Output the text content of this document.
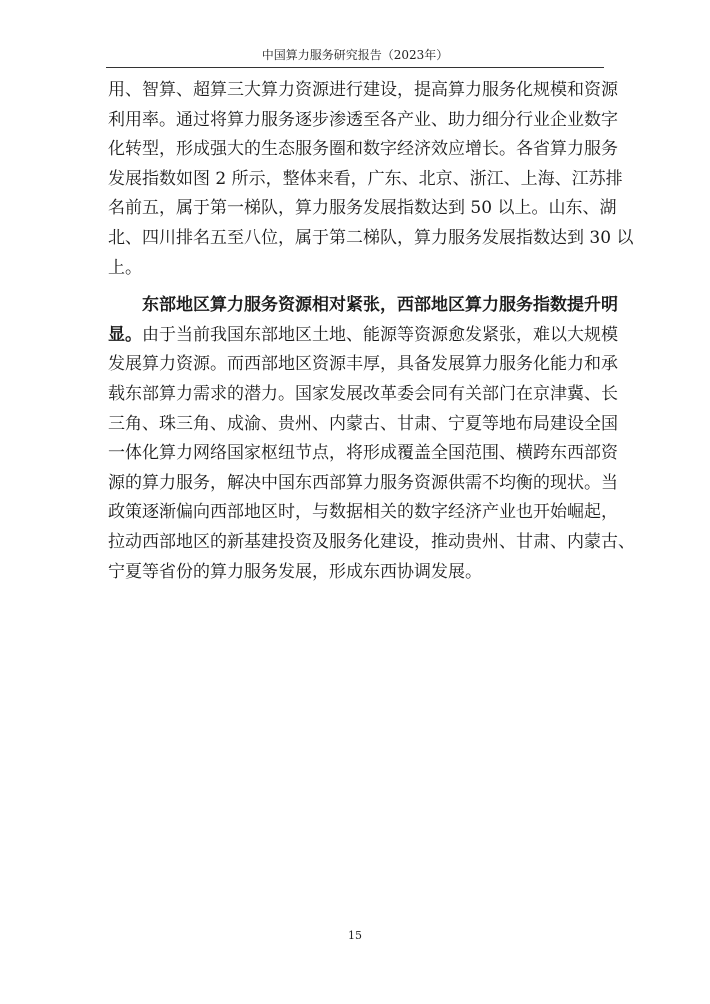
中国算力服务研究报告（2023年）
用、智算、超算三大算力资源进行建设，提高算力服务化规模和资源
利用率。通过将算力服务逐步渗透至各产业、助力细分行业企业数字
化转型，形成强大的生态服务圈和数字经济效应增长。各省算力服务
发展指数如图 2 所示，整体来看，广东、北京、浙江、上海、江苏排
名前五，属于第一梯队，算力服务发展指数达到 50 以上。山东、湖
北、四川排名五至八位，属于第二梯队，算力服务发展指数达到 30 以
上。
东部地区算力服务资源相对紧张，西部地区算力服务指数提升明
显。由于当前我国东部地区土地、能源等资源愈发紧张，难以大规模
发展算力资源。而西部地区资源丰厚，具备发展算力服务化能力和承
载东部算力需求的潜力。国家发展改革委会同有关部门在京津冀、长
三角、珠三角、成渝、贵州、内蒙古、甘肃、宁夏等地布局建设全国
一体化算力网络国家枢纽节点，将形成覆盖全国范围、横跨东西部资
源的算力服务，解决中国东西部算力服务资源供需不均衡的现状。当
政策逐渐偏向西部地区时，与数据相关的数字经济产业也开始崛起，
拉动西部地区的新基建投资及服务化建设，推动贵州、甘肃、内蒙古、
宁夏等省份的算力服务发展，形成东西协调发展。
15
